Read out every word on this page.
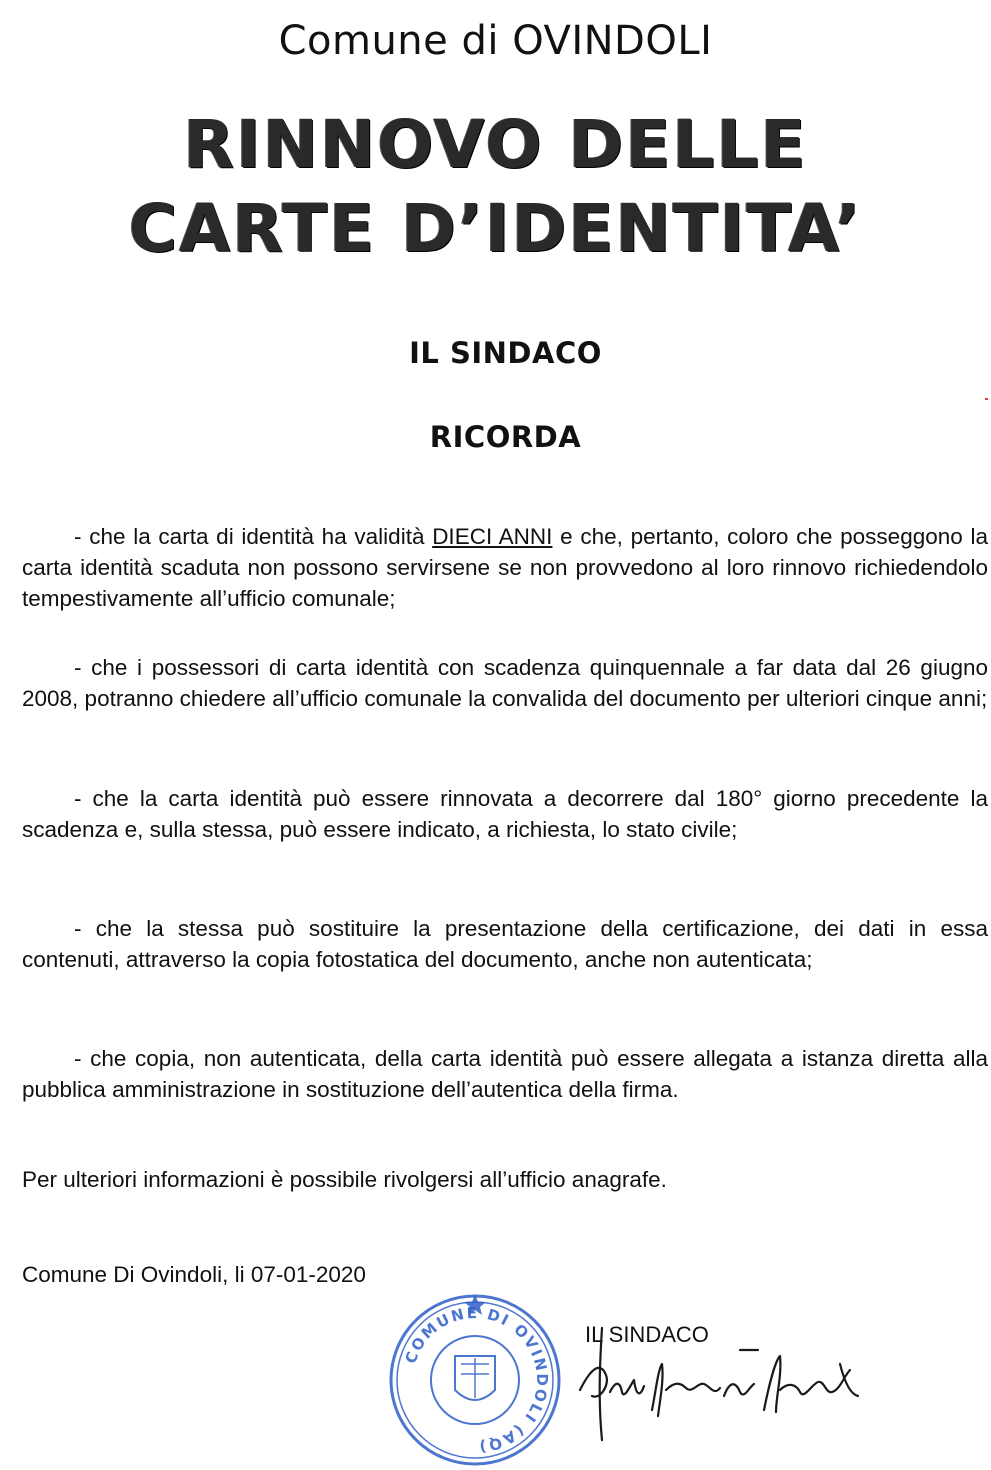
Comune di OVINDOLI
RINNOVO DELLE
CARTE D’IDENTITA’
IL SINDACO
RICORDA
- che la carta di identità ha validità DIECI ANNI e che, pertanto, coloro che posseggono la carta identità scaduta non possono servirsene se non provvedono al loro rinnovo richiedendolo tempestivamente all’ufficio comunale;
- che i possessori di carta identità con scadenza quinquennale a far data dal 26 giugno 2008, potranno chiedere all’ufficio comunale la convalida del documento per ulteriori cinque anni;
- che la carta identità può essere rinnovata a decorrere dal 180° giorno precedente la scadenza e, sulla stessa, può essere indicato, a richiesta, lo stato civile;
- che la stessa può sostituire la presentazione della certificazione, dei dati in essa contenuti, attraverso la copia fotostatica del documento, anche non autenticata;
- che copia, non autenticata, della carta identità può essere allegata a istanza diretta alla pubblica amministrazione in sostituzione dell’autentica della firma.
Per ulteriori informazioni è possibile rivolgersi all’ufficio anagrafe.
Comune Di Ovindoli, li 07-01-2020
COMUNE DI OVINDOLI (AQ)
IL SINDACO
